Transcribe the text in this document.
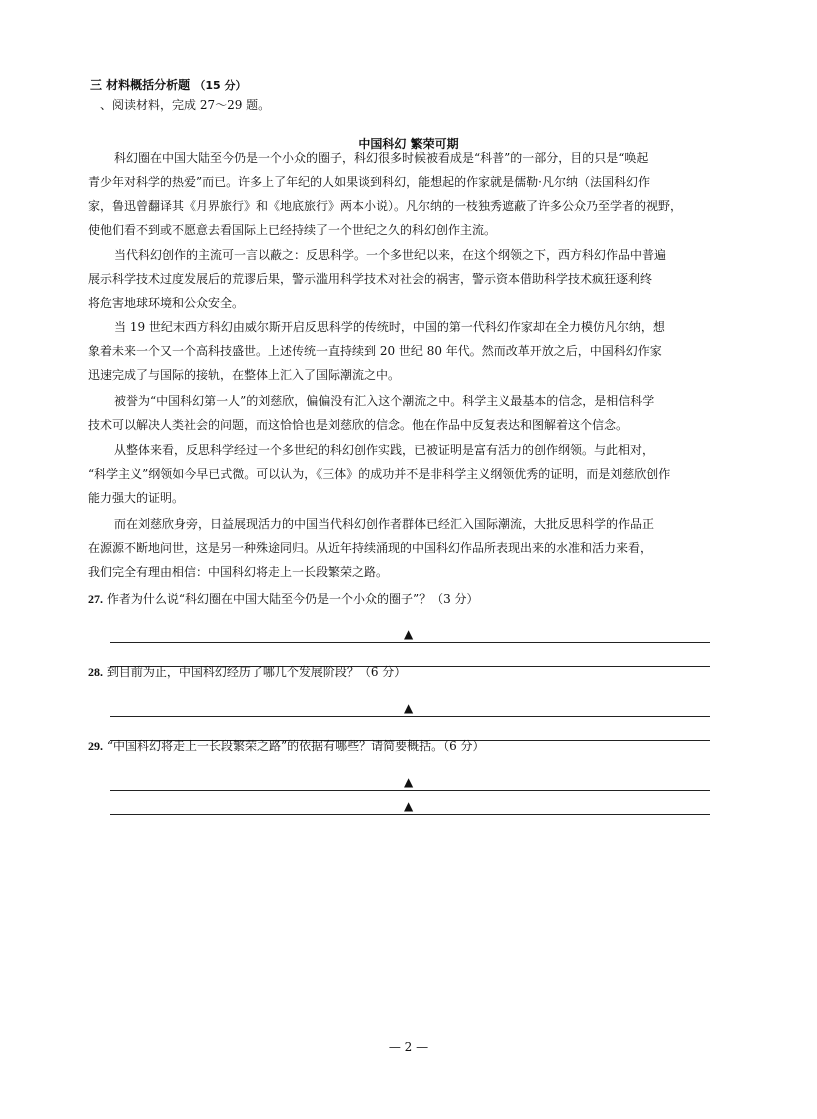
三 材料概括分析题 （15 分）
、阅读材料，完成 27～29 题。
中国科幻 繁荣可期
科幻圈在中国大陆至今仍是一个小众的圈子，科幻很多时候被看成是“科普”的一部分，目的只是“唤起
青少年对科学的热爱”而已。许多上了年纪的人如果谈到科幻，能想起的作家就是儒勒·凡尔纳（法国科幻作
家，鲁迅曾翻译其《月界旅行》和《地底旅行》两本小说）。凡尔纳的一枝独秀遮蔽了许多公众乃至学者的视野，
使他们看不到或不愿意去看国际上已经持续了一个世纪之久的科幻创作主流。
当代科幻创作的主流可一言以蔽之：反思科学。一个多世纪以来，在这个纲领之下，西方科幻作品中普遍
展示科学技术过度发展后的荒谬后果，警示滥用科学技术对社会的祸害，警示资本借助科学技术疯狂逐利终
将危害地球环境和公众安全。
当 19 世纪末西方科幻由威尔斯开启反思科学的传统时，中国的第一代科幻作家却在全力模仿凡尔纳，想
象着未来一个又一个高科技盛世。上述传统一直持续到 20 世纪 80 年代。然而改革开放之后，中国科幻作家
迅速完成了与国际的接轨，在整体上汇入了国际潮流之中。
被誉为“中国科幻第一人”的刘慈欣，偏偏没有汇入这个潮流之中。科学主义最基本的信念，是相信科学
技术可以解决人类社会的问题，而这恰恰也是刘慈欣的信念。他在作品中反复表达和图解着这个信念。
从整体来看，反思科学经过一个多世纪的科幻创作实践，已被证明是富有活力的创作纲领。与此相对，
“科学主义”纲领如今早已式微。可以认为，《三体》的成功并不是非科学主义纲领优秀的证明，而是刘慈欣创作
能力强大的证明。
而在刘慈欣身旁，日益展现活力的中国当代科幻创作者群体已经汇入国际潮流，大批反思科学的作品正
在源源不断地问世，这是另一种殊途同归。从近年持续涌现的中国科幻作品所表现出来的水准和活力来看，
我们完全有理由相信：中国科幻将走上一长段繁荣之路。
27. 作者为什么说“科幻圈在中国大陆至今仍是一个小众的圈子”？（3 分）
▲
28. 到目前为止，中国科幻经历了哪几个发展阶段？（6 分）
▲
29. “中国科幻将走上一长段繁荣之路”的依据有哪些？请简要概括。（6 分）
▲
▲
— 2 —
